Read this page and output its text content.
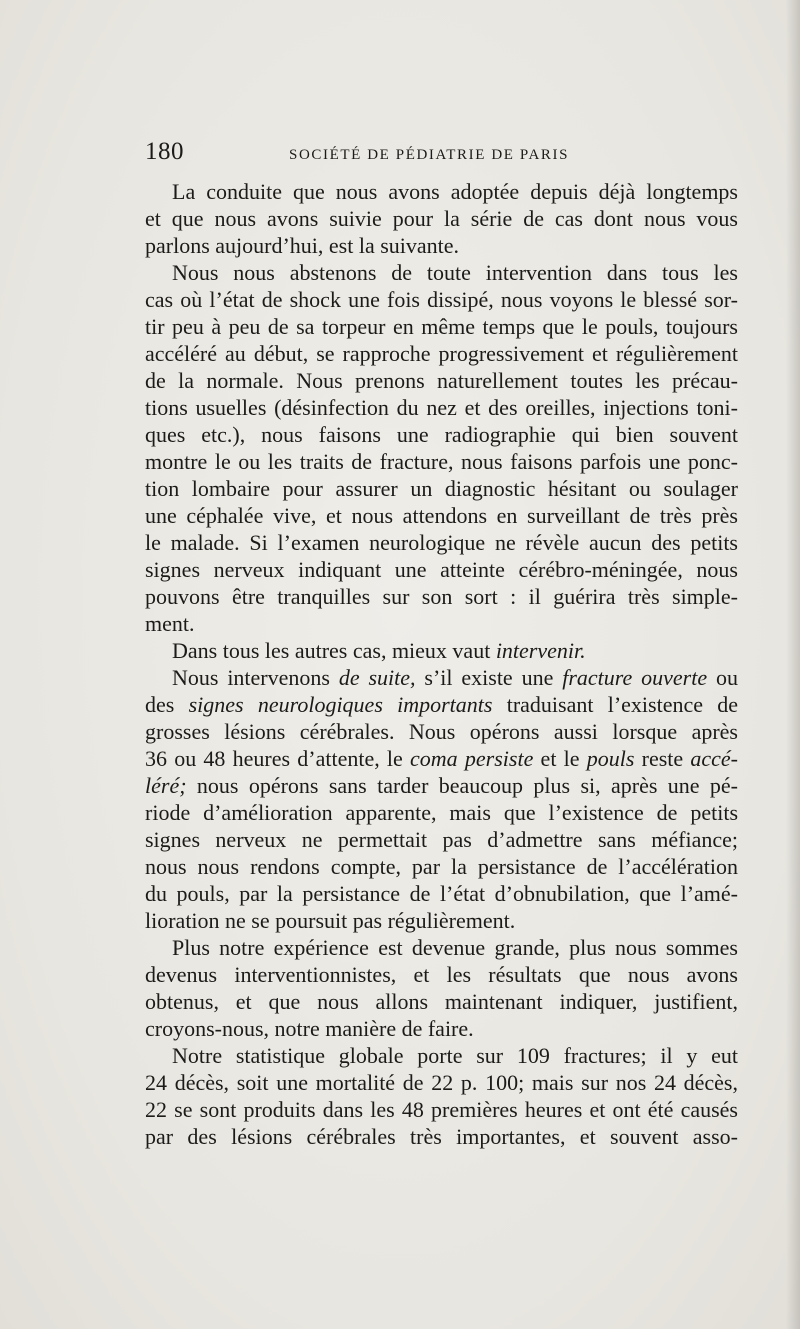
180	SOCIÉTÉ DE PÉDIATRIE DE PARIS
La conduite que nous avons adoptée depuis déjà longtemps
et que nous avons suivie pour la série de cas dont nous vous
parlons aujourd’hui, est la suivante.
Nous nous abstenons de toute intervention dans tous les
cas où l’état de shock une fois dissipé, nous voyons le blessé sor-
tir peu à peu de sa torpeur en même temps que le pouls, toujours
accéléré au début, se rapproche progressivement et régulièrement
de la normale. Nous prenons naturellement toutes les précau-
tions usuelles (désinfection du nez et des oreilles, injections toni-
ques etc.), nous faisons une radiographie qui bien souvent
montre le ou les traits de fracture, nous faisons parfois une ponc-
tion lombaire pour assurer un diagnostic hésitant ou soulager
une céphalée vive, et nous attendons en surveillant de très près
le malade. Si l’examen neurologique ne révèle aucun des petits
signes nerveux indiquant une atteinte cérébro-méningée, nous
pouvons être tranquilles sur son sort : il guérira très simple-
ment.
Dans tous les autres cas, mieux vaut intervenir.
Nous intervenons de suite, s’il existe une fracture ouverte ou
des signes neurologiques importants traduisant l’existence de
grosses lésions cérébrales. Nous opérons aussi lorsque après
36 ou 48 heures d’attente, le coma persiste et le pouls reste accé-
léré; nous opérons sans tarder beaucoup plus si, après une pé-
riode d’amélioration apparente, mais que l’existence de petits
signes nerveux ne permettait pas d’admettre sans méfiance;
nous nous rendons compte, par la persistance de l’accélération
du pouls, par la persistance de l’état d’obnubilation, que l’amé-
lioration ne se poursuit pas régulièrement.
Plus notre expérience est devenue grande, plus nous sommes
devenus interventionnistes, et les résultats que nous avons
obtenus, et que nous allons maintenant indiquer, justifient,
croyons-nous, notre manière de faire.
Notre statistique globale porte sur 109 fractures; il y eut
24 décès, soit une mortalité de 22 p. 100; mais sur nos 24 décès,
22 se sont produits dans les 48 premières heures et ont été causés
par des lésions cérébrales très importantes, et souvent asso-
